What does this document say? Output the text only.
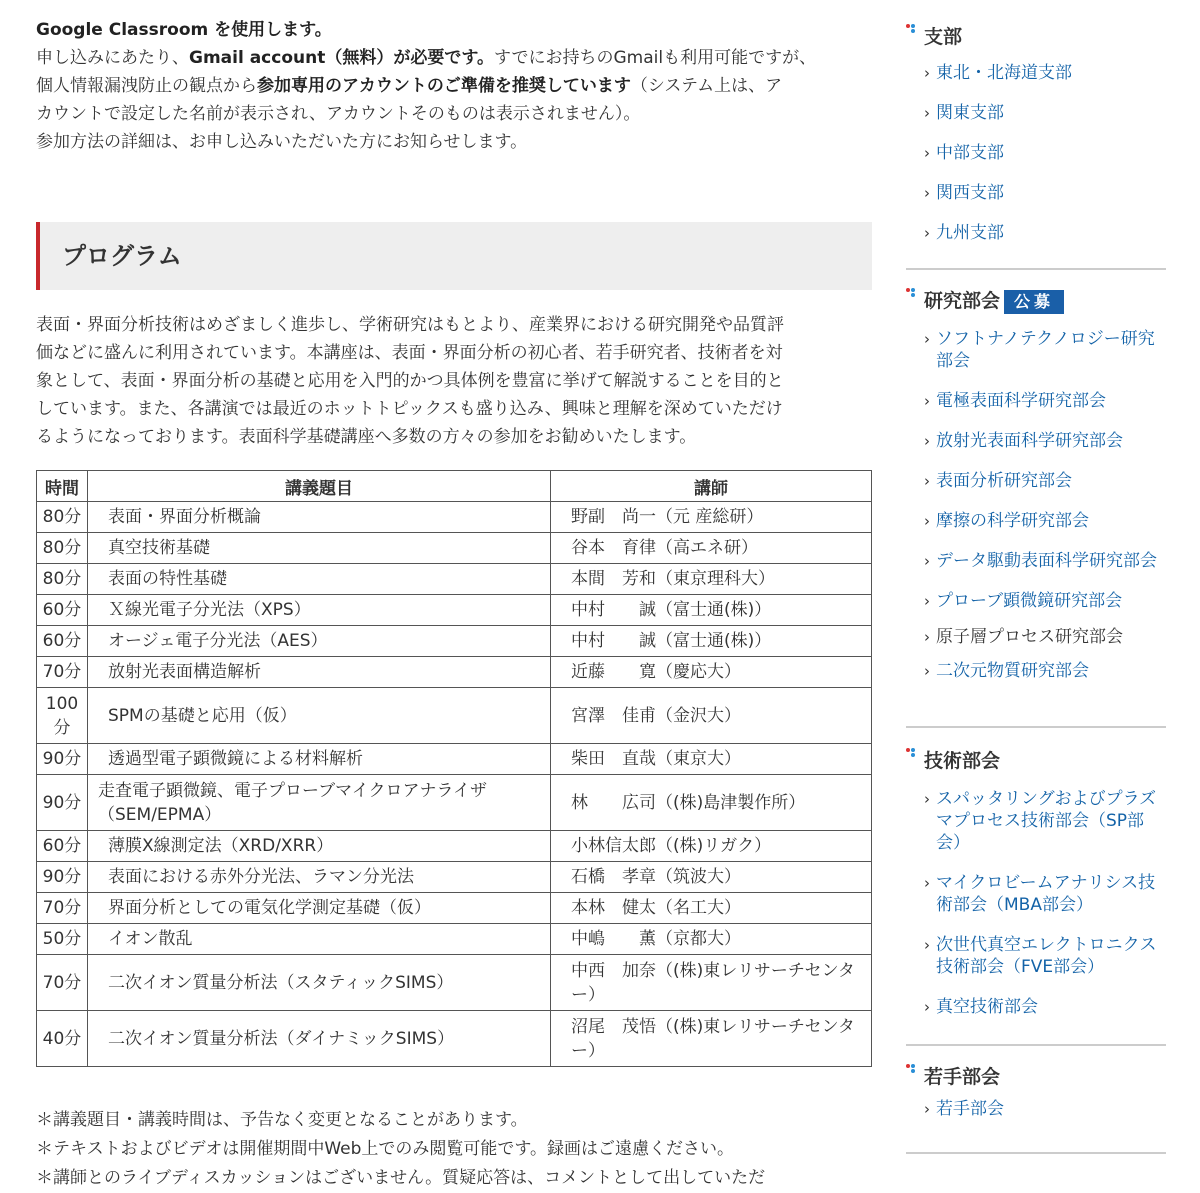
Google Classroom を使用します。

申し込みにあたり、Gmail account（無料）が必要です。すでにお持ちのGmailも利用可能ですが、

個人情報漏洩防止の観点から参加専用のアカウントのご準備を推奨しています（システム上は、ア

カウントで設定した名前が表示され、アカウントそのものは表示されません）。

参加方法の詳細は、お申し込みいただいた方にお知らせします。

プログラム

表面・界面分析技術はめざましく進歩し、学術研究はもとより、産業界における研究開発や品質評
価などに盛んに利用されています。本講座は、表面・界面分析の初心者、若手研究者、技術者を対
象として、表面・界面分析の基礎と応用を入門的かつ具体例を豊富に挙げて解説することを目的と
しています。また、各講演では最近のホットトピックスも盛り込み、興味と理解を深めていただけ
るようになっております。表面科学基礎講座へ多数の方々の参加をお勧めいたします。

時間	講義題目	講師
80分	表面・界面分析概論	野副　尚一（元 産総研）
80分	真空技術基礎	谷本　育律（高エネ研）
80分	表面の特性基礎	本間　芳和（東京理科大）
60分	Ｘ線光電子分光法（XPS）	中村　　誠（富士通(株)）
60分	オージェ電子分光法（AES）	中村　　誠（富士通(株)）
70分	放射光表面構造解析	近藤　　寛（慶応大）
100分	SPMの基礎と応用（仮）	宮澤　佳甫（金沢大）
90分	透過型電子顕微鏡による材料解析	柴田　直哉（東京大）
90分	走査電子顕微鏡、電子プローブマイクロアナライザ（SEM/EPMA）	林　　広司（(株)島津製作所）
60分	薄膜X線測定法（XRD/XRR）	小林信太郎（(株)リガク）
90分	表面における赤外分光法、ラマン分光法	石橋　孝章（筑波大）
70分	界面分析としての電気化学測定基礎（仮）	本林　健太（名工大）
50分	イオン散乱	中嶋　　薫（京都大）
70分	二次イオン質量分析法（スタティックSIMS）	中西　加奈（(株)東レリサーチセンター）
40分	二次イオン質量分析法（ダイナミックSIMS）	沼尾　茂悟（(株)東レリサーチセンター）

＊講義題目・講義時間は、予告なく変更となることがあります。

＊テキストおよびビデオは開催期間中Web上でのみ閲覧可能です。録画はご遠慮ください。

＊講師とのライブディスカッションはございません。質疑応答は、コメントとして出していただ

支部
› 東北・北海道支部
› 関東支部
› 中部支部
› 関西支部
› 九州支部
研究部会 公募
› ソフトナノテクノロジー研究部会
› 電極表面科学研究部会
› 放射光表面科学研究部会
› 表面分析研究部会
› 摩擦の科学研究部会
› データ駆動表面科学研究部会
› プローブ顕微鏡研究部会
› 原子層プロセス研究部会
› 二次元物質研究部会
技術部会
› スパッタリングおよびプラズマプロセス技術部会（SP部会）
› マイクロビームアナリシス技術部会（MBA部会）
› 次世代真空エレクトロニクス技術部会（FVE部会）
› 真空技術部会
若手部会
› 若手部会
